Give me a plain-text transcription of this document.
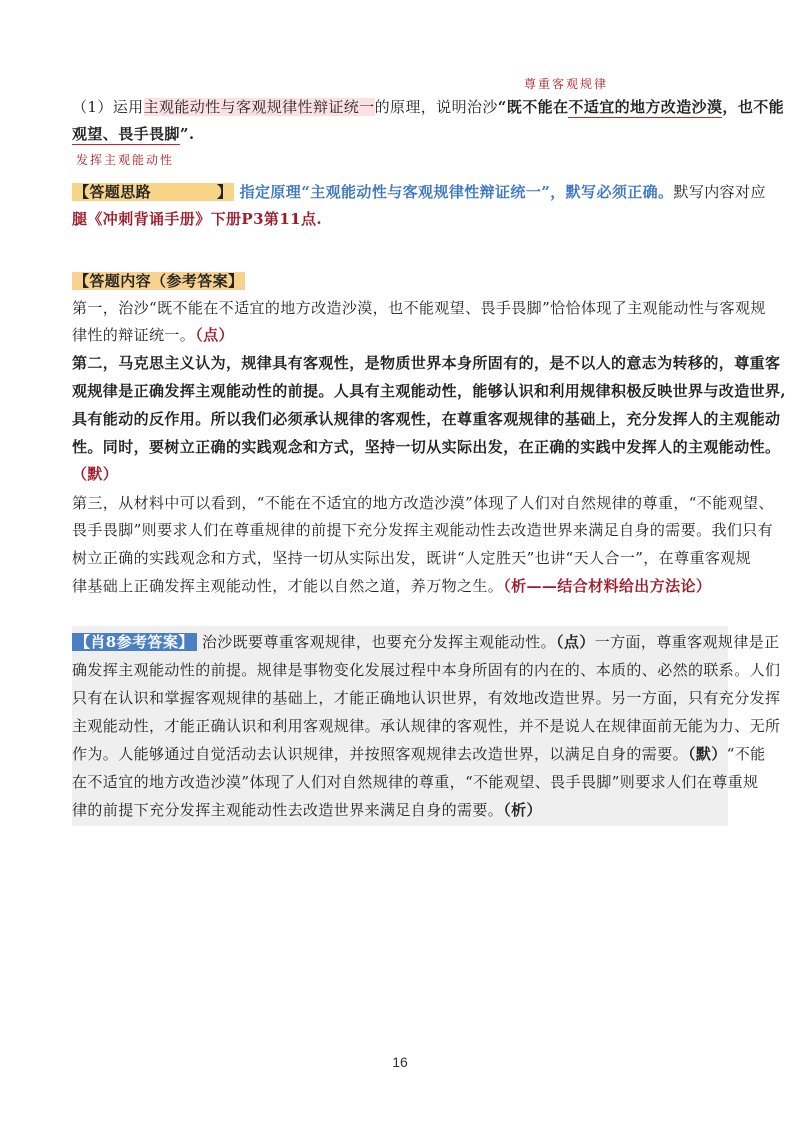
尊重客观规律
发挥主观能动性
（1）运用主观能动性与客观规律性辩证统一的原理，说明治沙“既不能在不适宜的地方改造沙漠，也不能
观望、畏手畏脚”.
【答题思路	】 指定原理“主观能动性与客观规律性辩证统一”，默写必须正确。默写内容对应
腿《冲刺背诵手册》下册P3第11点.
【答题内容（参考答案】
第一，治沙“既不能在不适宜的地方改造沙漠，也不能观望、畏手畏脚”恰恰体现了主观能动性与客观规
律性的辩证统一。（点）
第二，马克思主义认为，规律具有客观性，是物质世界本身所固有的，是不以人的意志为转移的，尊重客
观规律是正确发挥主观能动性的前提。人具有主观能动性，能够认识和利用规律积极反映世界与改造世界,
具有能动的反作用。所以我们必须承认规律的客观性，在尊重客观规律的基础上，充分发挥人的主观能动
性。同时，要树立正确的实践观念和方式，坚持一切从实际出发，在正确的实践中发挥人的主观能动性。
（默）
第三，从材料中可以看到，“不能在不适宜的地方改造沙漠”体现了人们对自然规律的尊重，“不能观望、
畏手畏脚”则要求人们在尊重规律的前提下充分发挥主观能动性去改造世界来满足自身的需要。我们只有
树立正确的实践观念和方式，坚持一切从实际出发，既讲“人定胜天”也讲“天人合一”，在尊重客观规
律基础上正确发挥主观能动性，才能以自然之道，养万物之生。（析——结合材料给出方法论）
【肖8参考答案】 治沙既要尊重客观规律，也要充分发挥主观能动性。（点）一方面，尊重客观规律是正
确发挥主观能动性的前提。规律是事物变化发展过程中本身所固有的内在的、本质的、必然的联系。人们
只有在认识和掌握客观规律的基础上，才能正确地认识世界，有效地改造世界。另一方面，只有充分发挥
主观能动性，才能正确认识和利用客观规律。承认规律的客观性，并不是说人在规律面前无能为力、无所
作为。人能够通过自觉活动去认识规律，并按照客观规律去改造世界，以满足自身的需要。（默）“不能
在不适宜的地方改造沙漠”体现了人们对自然规律的尊重，“不能观望、畏手畏脚”则要求人们在尊重规
律的前提下充分发挥主观能动性去改造世界来满足自身的需要。（析）
16
